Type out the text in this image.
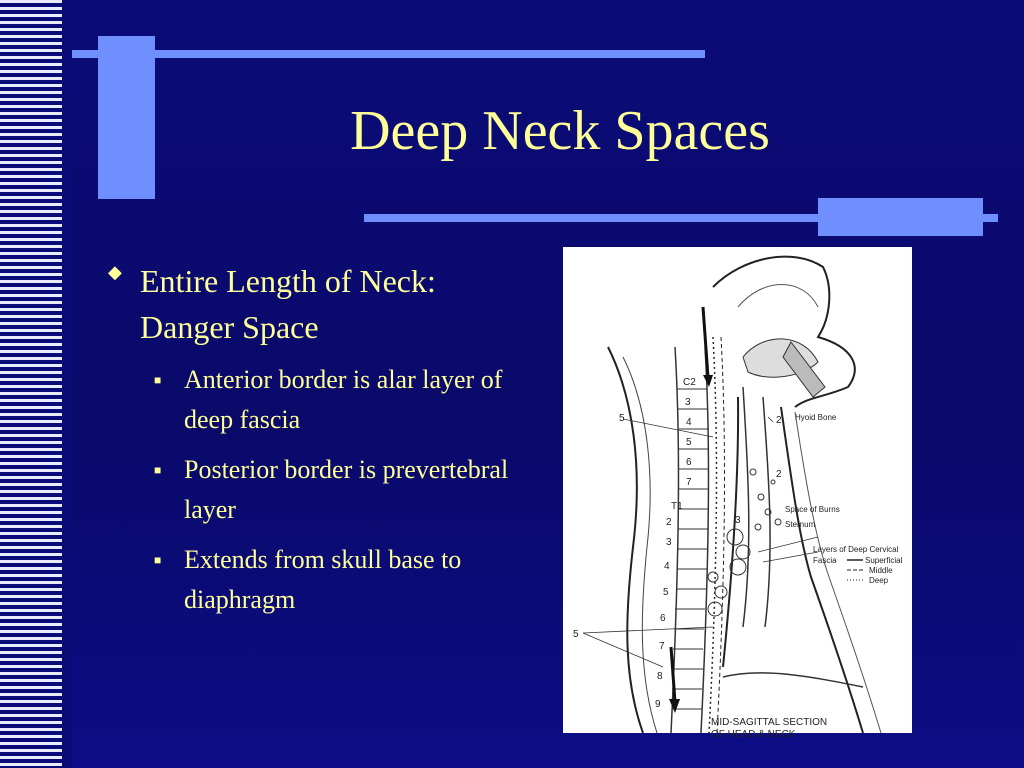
Deep Neck Spaces
◆ Entire Length of Neck: Danger Space
■ Anterior border is alar layer of deep fascia
■ Posterior border is prevertebral layer
■ Extends from skull base to diaphragm
C2
3
4
5
6
7
T1
2
3
4
5
6
7
8
9
5
5
2
2
3
Hyoid Bone
Space of Burns
Sternum
Layers of Deep Cervical
Fascia	Superficial
Middle
Deep
MID-SAGITTAL SECTION
OF HEAD & NECK
